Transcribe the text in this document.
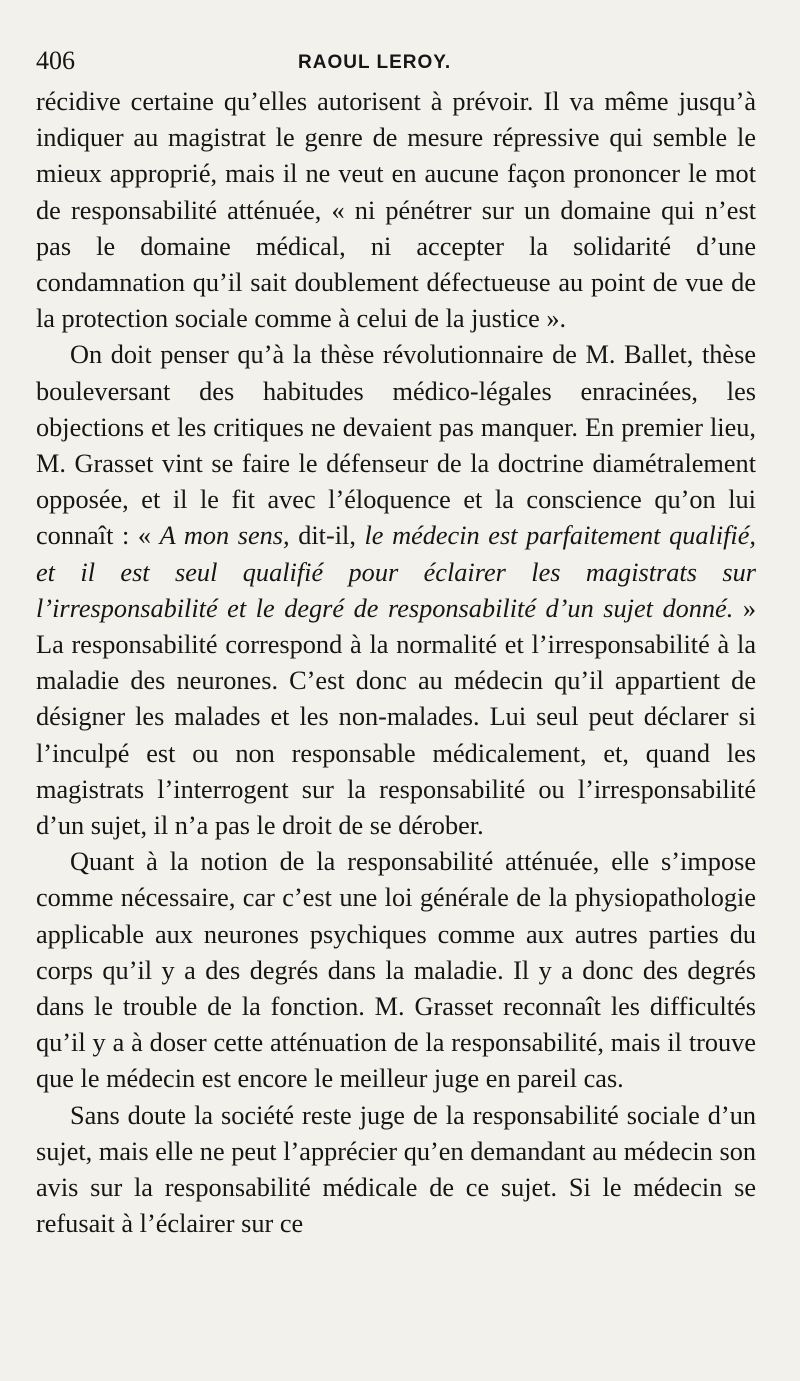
406	RAOUL LEROY.

récidive certaine qu’elles autorisent à prévoir. Il va même jusqu’à indiquer au magistrat le genre de mesure répressive qui semble le mieux approprié, mais il ne veut en aucune façon prononcer le mot de responsabilité atténuée, « ni pénétrer sur un domaine qui n’est pas le domaine médical, ni accepter la solidarité d’une condamnation qu’il sait doublement défectueuse au point de vue de la protection sociale comme à celui de la justice ».

On doit penser qu’à la thèse révolutionnaire de M. Ballet, thèse bouleversant des habitudes médico-légales enracinées, les objections et les critiques ne devaient pas manquer. En premier lieu, M. Grasset vint se faire le défenseur de la doctrine diamétralement opposée, et il le fit avec l’éloquence et la conscience qu’on lui connaît : « A mon sens, dit-il, le médecin est parfaitement qualifié, et il est seul qualifié pour éclairer les magistrats sur l’irresponsabilité et le degré de responsabilité d’un sujet donné. » La responsabilité correspond à la normalité et l’irresponsabilité à la maladie des neurones. C’est donc au médecin qu’il appartient de désigner les malades et les non-malades. Lui seul peut déclarer si l’inculpé est ou non responsable médicalement, et, quand les magistrats l’interrogent sur la responsabilité ou l’irresponsabilité d’un sujet, il n’a pas le droit de se dérober.

Quant à la notion de la responsabilité atténuée, elle s’impose comme nécessaire, car c’est une loi générale de la physiopathologie applicable aux neurones psychiques comme aux autres parties du corps qu’il y a des degrés dans la maladie. Il y a donc des degrés dans le trouble de la fonction. M. Grasset reconnaît les difficultés qu’il y a à doser cette atténuation de la responsabilité, mais il trouve que le médecin est encore le meilleur juge en pareil cas.

Sans doute la société reste juge de la responsabilité sociale d’un sujet, mais elle ne peut l’apprécier qu’en demandant au médecin son avis sur la responsabilité médicale de ce sujet. Si le médecin se refusait à l’éclairer sur ce
